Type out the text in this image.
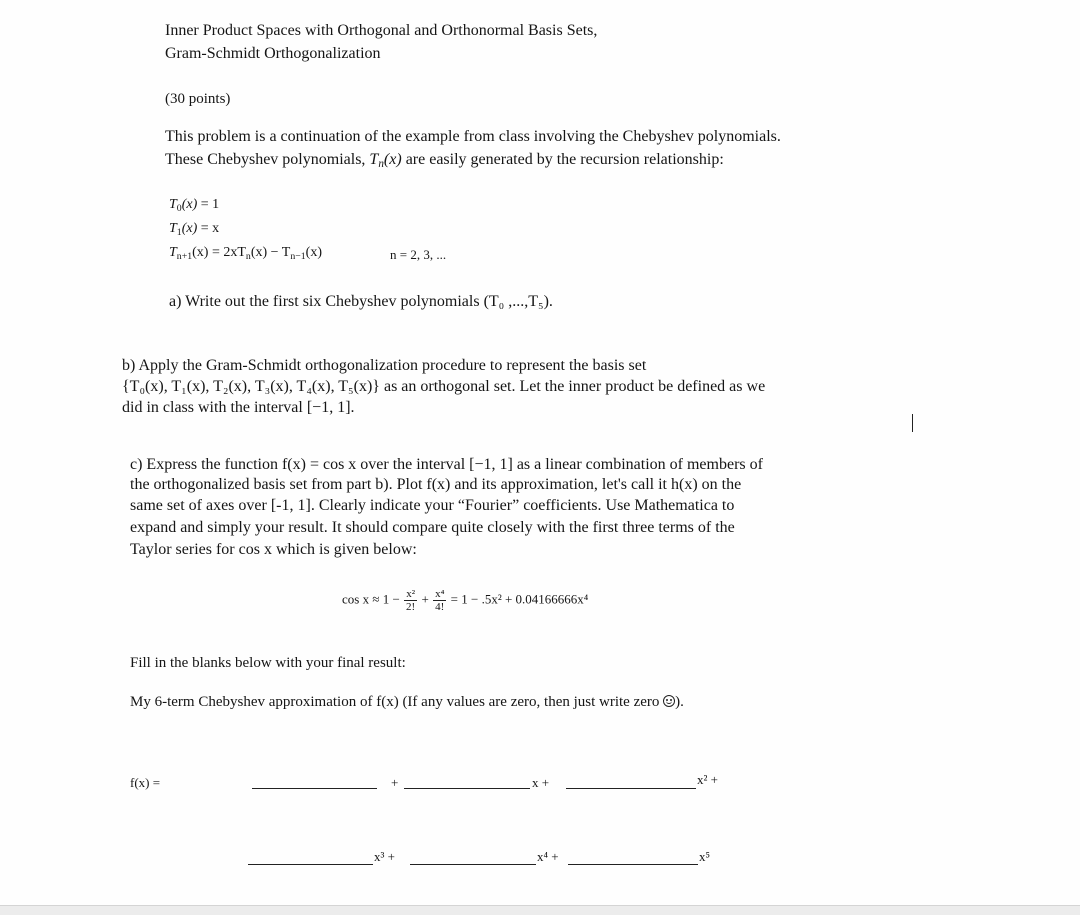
Inner Product Spaces with Orthogonal and Orthonormal Basis Sets,
Gram-Schmidt Orthogonalization
(30 points)
This problem is a continuation of the example from class involving the Chebyshev polynomials.
These Chebyshev polynomials, $T_n(x)$ are easily generated by the recursion relationship:
$T_0(x) = 1$
$T_1(x) = x$
$T_{n+1}(x) = 2xT_n(x) - T_{n-1}(x)$	n = 2, 3, ...
a) Write out the first six Chebyshev polynomials (T₀ ,...,T₅).
b) Apply the Gram-Schmidt orthogonalization procedure to represent the basis set
{T₀(x), T₁(x), T₂(x), T₃(x), T₄(x), T₅(x)} as an orthogonal set. Let the inner product be defined as we
did in class with the interval [−1, 1].
c) Express the function f(x) = cos x over the interval [−1, 1] as a linear combination of members of
the orthogonalized basis set from part b). Plot f(x) and its approximation, let's call it h(x) on the
same set of axes over [-1, 1]. Clearly indicate your “Fourier” coefficients. Use Mathematica to
expand and simply your result. It should compare quite closely with the first three terms of the
Taylor series for cos x which is given below:
$\cos x \approx 1 - \frac{\text{x²}}{2!} + \frac{\text{x⁴}}{4!} = 1 - .5x^2 + 0.04166666x^4$
Fill in the blanks below with your final result:
My 6-term Chebyshev approximation of f(x) (If any values are zero, then just write zero ).
f(x) =	+	x +	x² +
x³ +	x⁴ +	x⁵
